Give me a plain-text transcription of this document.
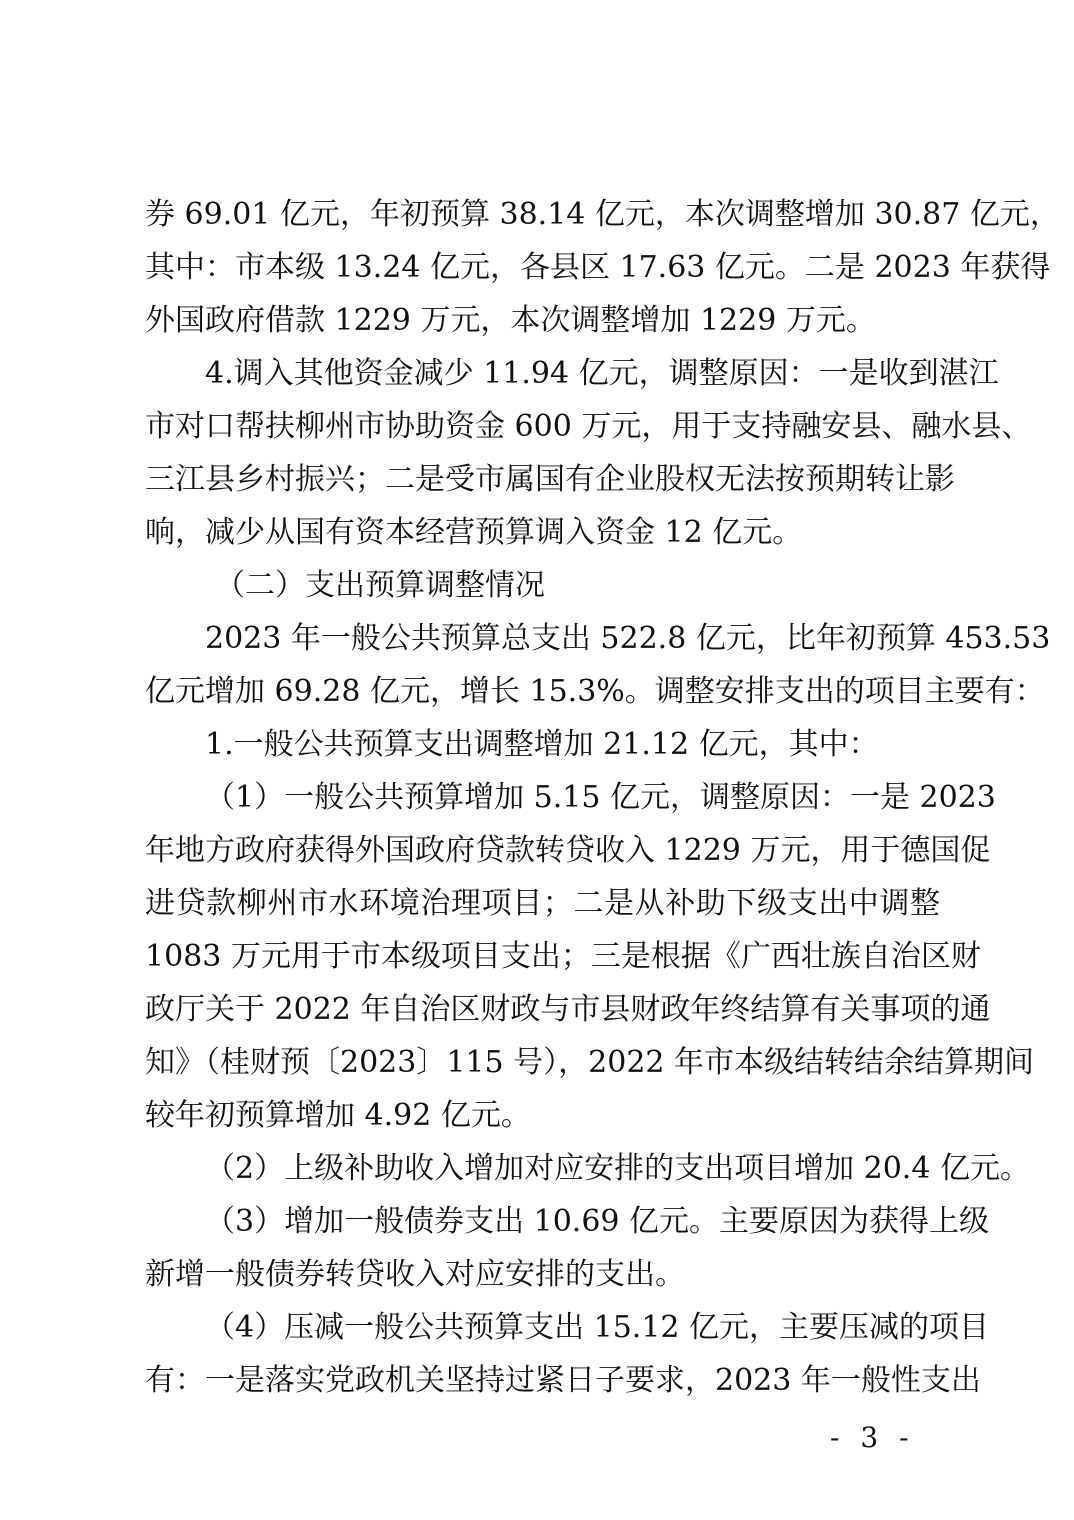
券 69.01 亿元，年初预算 38.14 亿元，本次调整增加 30.87 亿元，
其中：市本级 13.24 亿元，各县区 17.63 亿元。二是 2023 年获得
外国政府借款 1229 万元，本次调整增加 1229 万元。
4.调入其他资金减少 11.94 亿元，调整原因：一是收到湛江
市对口帮扶柳州市协助资金 600 万元，用于支持融安县、融水县、
三江县乡村振兴；二是受市属国有企业股权无法按预期转让影
响，减少从国有资本经营预算调入资金 12 亿元。
（二）支出预算调整情况
2023 年一般公共预算总支出 522.8 亿元，比年初预算 453.53
亿元增加 69.28 亿元，增长 15.3%。调整安排支出的项目主要有：
1.一般公共预算支出调整增加 21.12 亿元，其中：
（1）一般公共预算增加 5.15 亿元，调整原因：一是 2023
年地方政府获得外国政府贷款转贷收入 1229 万元，用于德国促
进贷款柳州市水环境治理项目；二是从补助下级支出中调整
1083 万元用于市本级项目支出；三是根据《广西壮族自治区财
政厅关于 2022 年自治区财政与市县财政年终结算有关事项的通
知》（桂财预〔2023〕115 号），2022 年市本级结转结余结算期间
较年初预算增加 4.92 亿元。
（2）上级补助收入增加对应安排的支出项目增加 20.4 亿元。
（3）增加一般债券支出 10.69 亿元。主要原因为获得上级
新增一般债券转贷收入对应安排的支出。
（4）压减一般公共预算支出 15.12 亿元，主要压减的项目
有：一是落实党政机关坚持过紧日子要求，2023 年一般性支出
- 3 -
